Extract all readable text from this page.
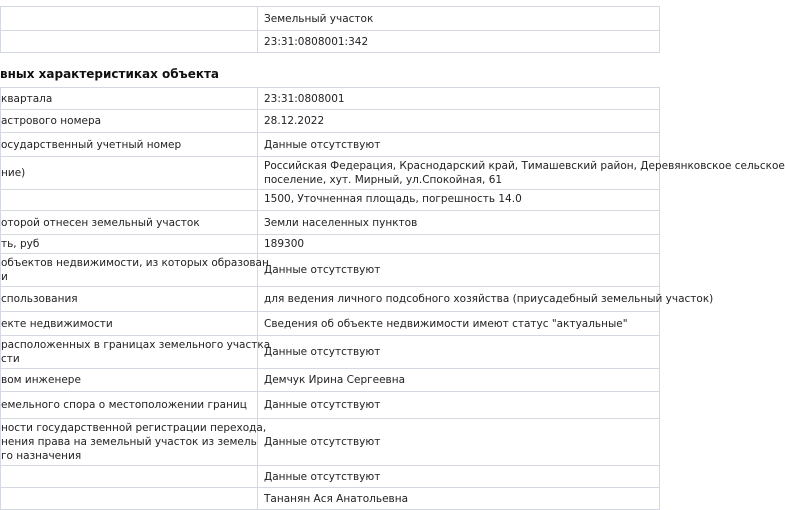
	Земельный участок
	23:31:0808001:342
вных характеристиках объекта
квартала	23:31:0808001

астрового номера	28.12.2022

осударственный учетный номер	Данные отсутствуют

ние)	Российская Федерация, Краснодарский край, Тимашевский район, Деревянковское сельское
поселение, хут. Мирный, ул.Спокойная, 61

	1500, Уточненная площадь, погрешность 14.0

оторой отнесен земельный участок	Земли населенных пунктов

ть, руб	189300

объектов недвижимости, из которых образован
и	Данные отсутствуют

спользования	для ведения личного подсобного хозяйства (приусадебный земельный участок)

екте недвижимости	Сведения об объекте недвижимости имеют статус "актуальные"

расположенных в границах земельного участка
сти	Данные отсутствуют

вом инженере	Демчук Ирина Сергеевна

емельного спора о местоположении границ	Данные отсутствуют

ности государственной регистрации перехода,
нения права на земельный участок из земель
го назначения	Данные отсутствуют

	Данные отсутствуют

	Тананян Ася Анатольевна
